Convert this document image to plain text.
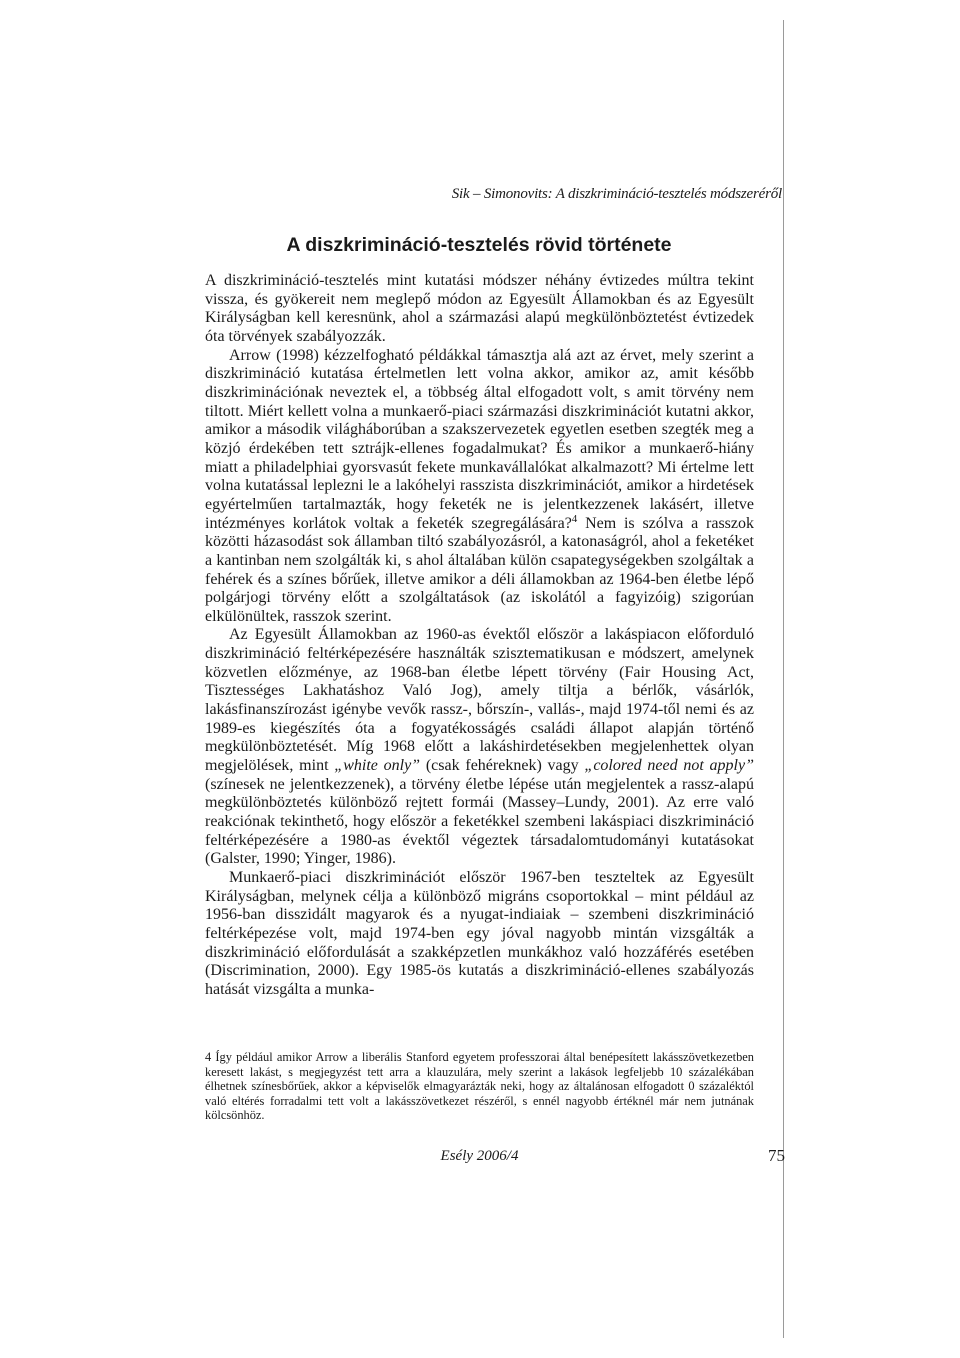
Sik – Simonovits: A diszkrimináció-tesztelés módszeréről
A diszkrimináció-tesztelés rövid története

A diszkrimináció-tesztelés mint kutatási módszer néhány évtizedes múltra tekint vissza, és gyökereit nem meglepő módon az Egyesült Államokban és az Egyesült Királyságban kell keresnünk, ahol a származási alapú megkülönböztetést évtizedek óta törvények szabályozzák.

Arrow (1998) kézzelfogható példákkal támasztja alá azt az érvet, mely szerint a diszkrimináció kutatása értelmetlen lett volna akkor, amikor az, amit később diszkriminációnak neveztek el, a többség által elfogadott volt, s amit törvény nem tiltott. Miért kellett volna a munkaerő-piaci származási diszkriminációt kutatni akkor, amikor a második világháborúban a szakszervezetek egyetlen esetben szegték meg a közjó érdekében tett sztrájk-ellenes fogadalmukat? És amikor a munkaerő-hiány miatt a philadelphiai gyorsvasút fekete munkavállalókat alkalmazott? Mi értelme lett volna kutatással leplezni le a lakóhelyi rasszista diszkriminációt, amikor a hirdetések egyértelműen tartalmazták, hogy feketék ne is jelentkezzenek lakásért, illetve intézményes korlátok voltak a feketék szegregálására?$^4$ Nem is szólva a rasszok közötti házasodást sok államban tiltó szabályozásról, a katonaságról, ahol a feketéket a kantinban nem szolgálták ki, s ahol általában külön csapategységekben szolgáltak a fehérek és a színes bőrűek, illetve amikor a déli államokban az 1964-ben életbe lépő polgárjogi törvény előtt a szolgáltatások (az iskolától a fagyizóig) szigorúan elkülönültek, rasszok szerint.

Az Egyesült Államokban az 1960-as évektől először a lakáspiacon előforduló diszkrimináció feltérképezésére használták szisztematikusan e módszert, amelynek közvetlen előzménye, az 1968-ban életbe lépett törvény (Fair Housing Act, Tisztességes Lakhatáshoz Való Jog), amely tiltja a bérlők, vásárlók, lakásfinanszírozást igénybe vevők rassz-, bőrszín-, vallás-, majd 1974-től nemi és az 1989-es kiegészítés óta a fogyatékosságés családi állapot alapján történő megkülönböztetését. Míg 1968 előtt a lakáshirdetésekben megjelenhettek olyan megjelölések, mint „white only” (csak fehéreknek) vagy „colored need not apply” (színesek ne jelentkezzenek), a törvény életbe lépése után megjelentek a rassz-alapú megkülönböztetés különböző rejtett formái (Massey–Lundy, 2001). Az erre való reakciónak tekinthető, hogy először a feketékkel szembeni lakáspiaci diszkrimináció feltérképezésére a 1980-as évektől végeztek társadalomtudományi kutatásokat (Galster, 1990; Yinger, 1986).

Munkaerő-piaci diszkriminációt először 1967-ben teszteltek az Egyesült Királyságban, melynek célja a különböző migráns csoportokkal – mint például az 1956-ban disszidált magyarok és a nyugat-indiaiak – szembeni diszkrimináció feltérképezése volt, majd 1974-ben egy jóval nagyobb mintán vizsgálták a diszkrimináció előfordulását a szakképzetlen munkákhoz való hozzáférés esetében (Discrimination, 2000). Egy 1985-ös kutatás a diszkrimináció-ellenes szabályozás hatását vizsgálta a munka-

4 Így például amikor Arrow a liberális Stanford egyetem professzorai által benépesített lakásszövetkezetben keresett lakást, s megjegyzést tett arra a klauzulára, mely szerint a lakások legfeljebb 10 százalékában élhetnek színesbőrűek, akkor a képviselők elmagyarázták neki, hogy az általánosan elfogadott 0 százaléktól való eltérés forradalmi tett volt a lakásszövetkezet részéről, s ennél nagyobb értéknél már nem jutnának kölcsönhöz.

Esély 2006/4	75
